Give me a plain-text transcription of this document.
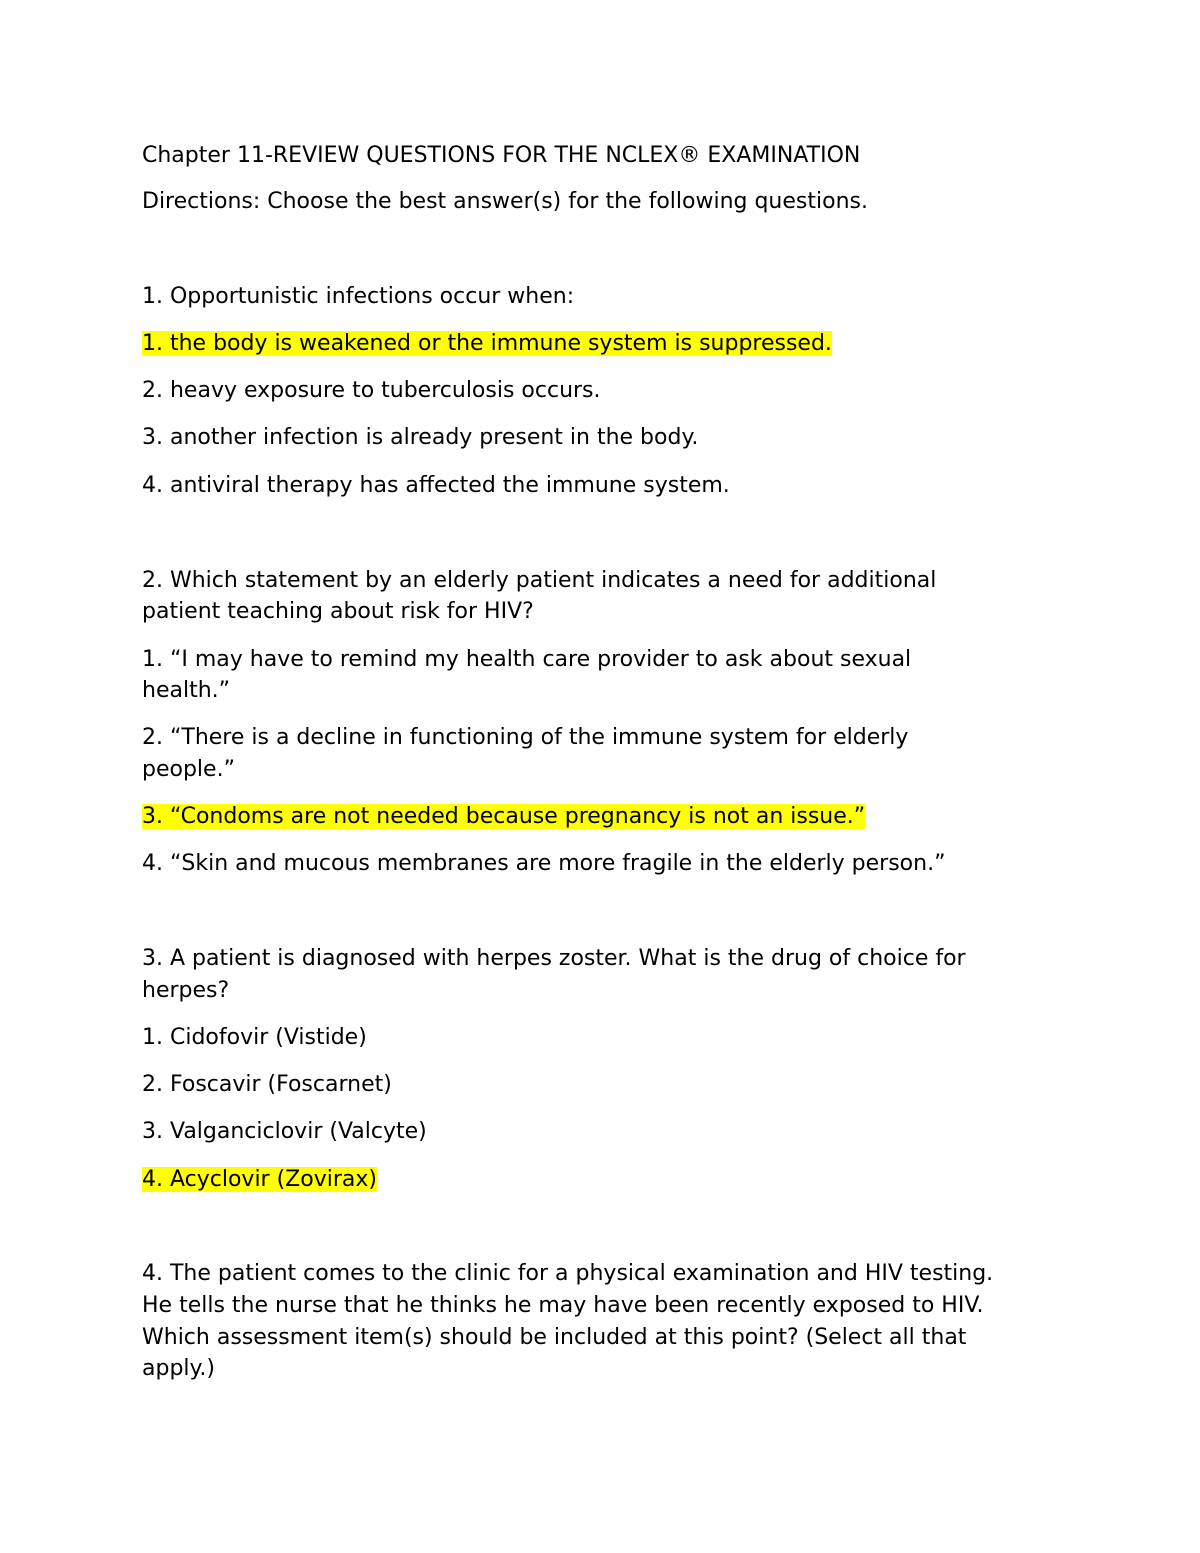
Chapter 11-REVIEW QUESTIONS FOR THE NCLEX® EXAMINATION

Directions: Choose the best answer(s) for the following questions.

1. Opportunistic infections occur when:

1. the body is weakened or the immune system is suppressed.

2. heavy exposure to tuberculosis occurs.

3. another infection is already present in the body.

4. antiviral therapy has affected the immune system.

2. Which statement by an elderly patient indicates a need for additional

patient teaching about risk for HIV?

1. “I may have to remind my health care provider to ask about sexual

health.”

2. “There is a decline in functioning of the immune system for elderly

people.”

3. “Condoms are not needed because pregnancy is not an issue.”

4. “Skin and mucous membranes are more fragile in the elderly person.”

3. A patient is diagnosed with herpes zoster. What is the drug of choice for

herpes?

1. Cidofovir (Vistide)

2. Foscavir (Foscarnet)

3. Valganciclovir (Valcyte)

4. Acyclovir (Zovirax)

4. The patient comes to the clinic for a physical examination and HIV testing.

He tells the nurse that he thinks he may have been recently exposed to HIV.

Which assessment item(s) should be included at this point? (Select all that

apply.)
